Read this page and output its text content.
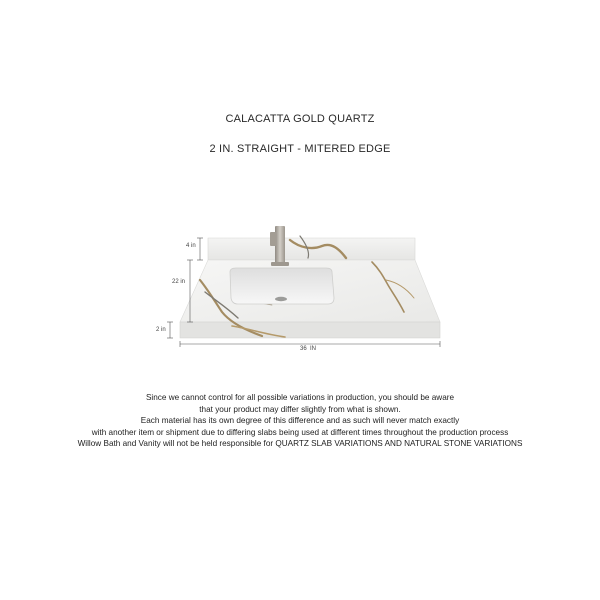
CALACATTA GOLD QUARTZ
2 IN. STRAIGHT - MITERED EDGE
4 in
22 in
2 in
36  IN
Since we cannot control for all possible variations in production, you should be aware
that your product may differ slightly from what is shown.
Each material has its own degree of this difference and as such will never match exactly
with another item or shipment due to differing slabs being used at different times throughout the production process
Willow Bath and Vanity will not be held responsible for QUARTZ SLAB VARIATIONS AND NATURAL STONE VARIATIONS
